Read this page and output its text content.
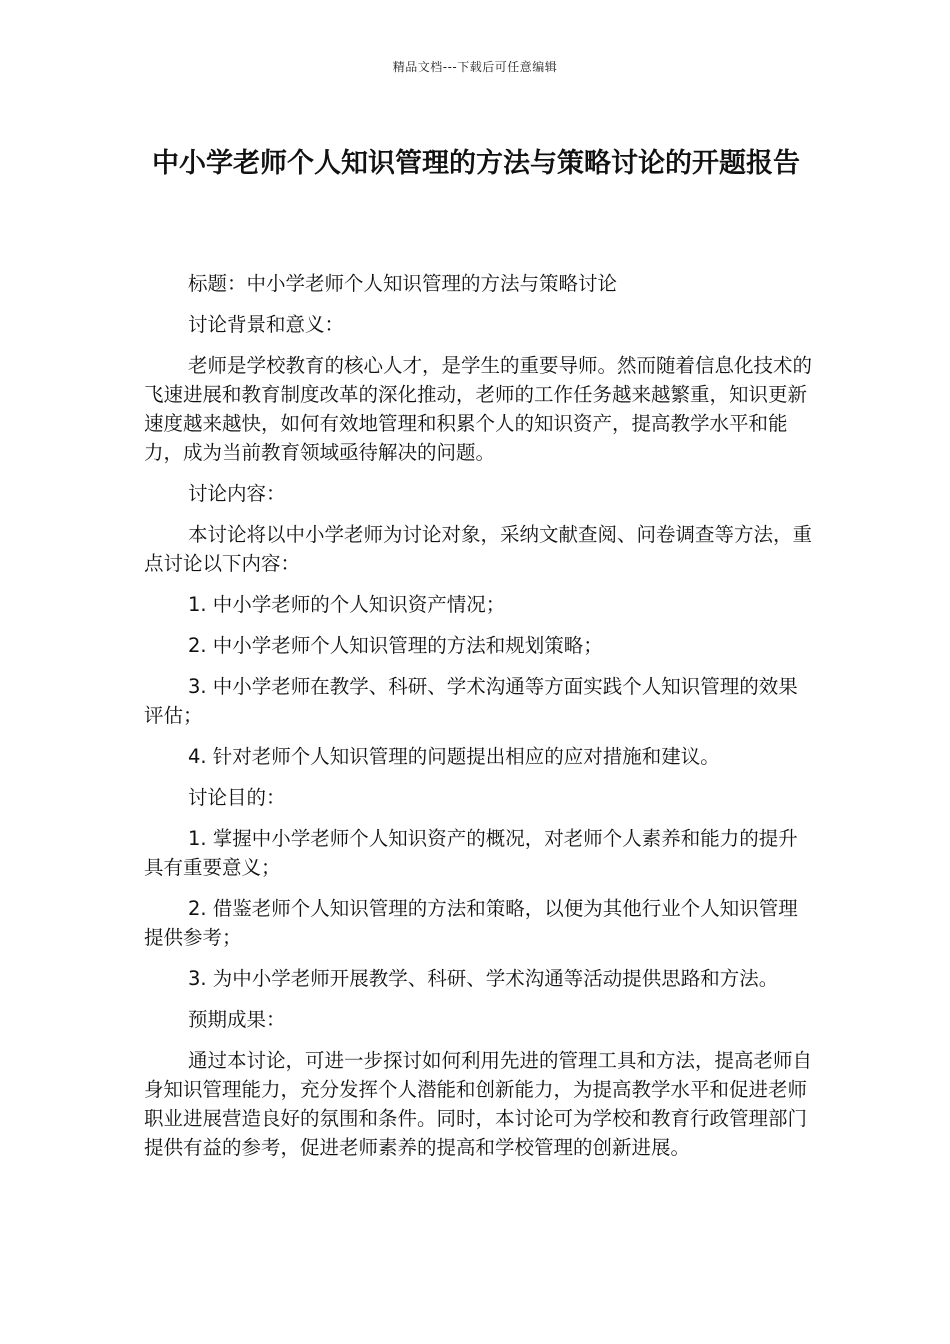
精品文档---下载后可任意编辑
中小学老师个人知识管理的方法与策略讨论的开题报告

标题：中小学老师个人知识管理的方法与策略讨论

讨论背景和意义：

老师是学校教育的核心人才，是学生的重要导师。然而随着信息化技术的飞速进展和教育制度改革的深化推动，老师的工作任务越来越繁重，知识更新速度越来越快，如何有效地管理和积累个人的知识资产，提高教学水平和能力，成为当前教育领域亟待解决的问题。

讨论内容：

本讨论将以中小学老师为讨论对象，采纳文献查阅、问卷调查等方法，重点讨论以下内容：

1. 中小学老师的个人知识资产情况；

2. 中小学老师个人知识管理的方法和规划策略；

3. 中小学老师在教学、科研、学术沟通等方面实践个人知识管理的效果评估；

4. 针对老师个人知识管理的问题提出相应的应对措施和建议。

讨论目的：

1. 掌握中小学老师个人知识资产的概况，对老师个人素养和能力的提升具有重要意义；

2. 借鉴老师个人知识管理的方法和策略，以便为其他行业个人知识管理提供参考；

3. 为中小学老师开展教学、科研、学术沟通等活动提供思路和方法。

预期成果：

通过本讨论，可进一步探讨如何利用先进的管理工具和方法，提高老师自身知识管理能力，充分发挥个人潜能和创新能力，为提高教学水平和促进老师职业进展营造良好的氛围和条件。同时，本讨论可为学校和教育行政管理部门提供有益的参考，促进老师素养的提高和学校管理的创新进展。
